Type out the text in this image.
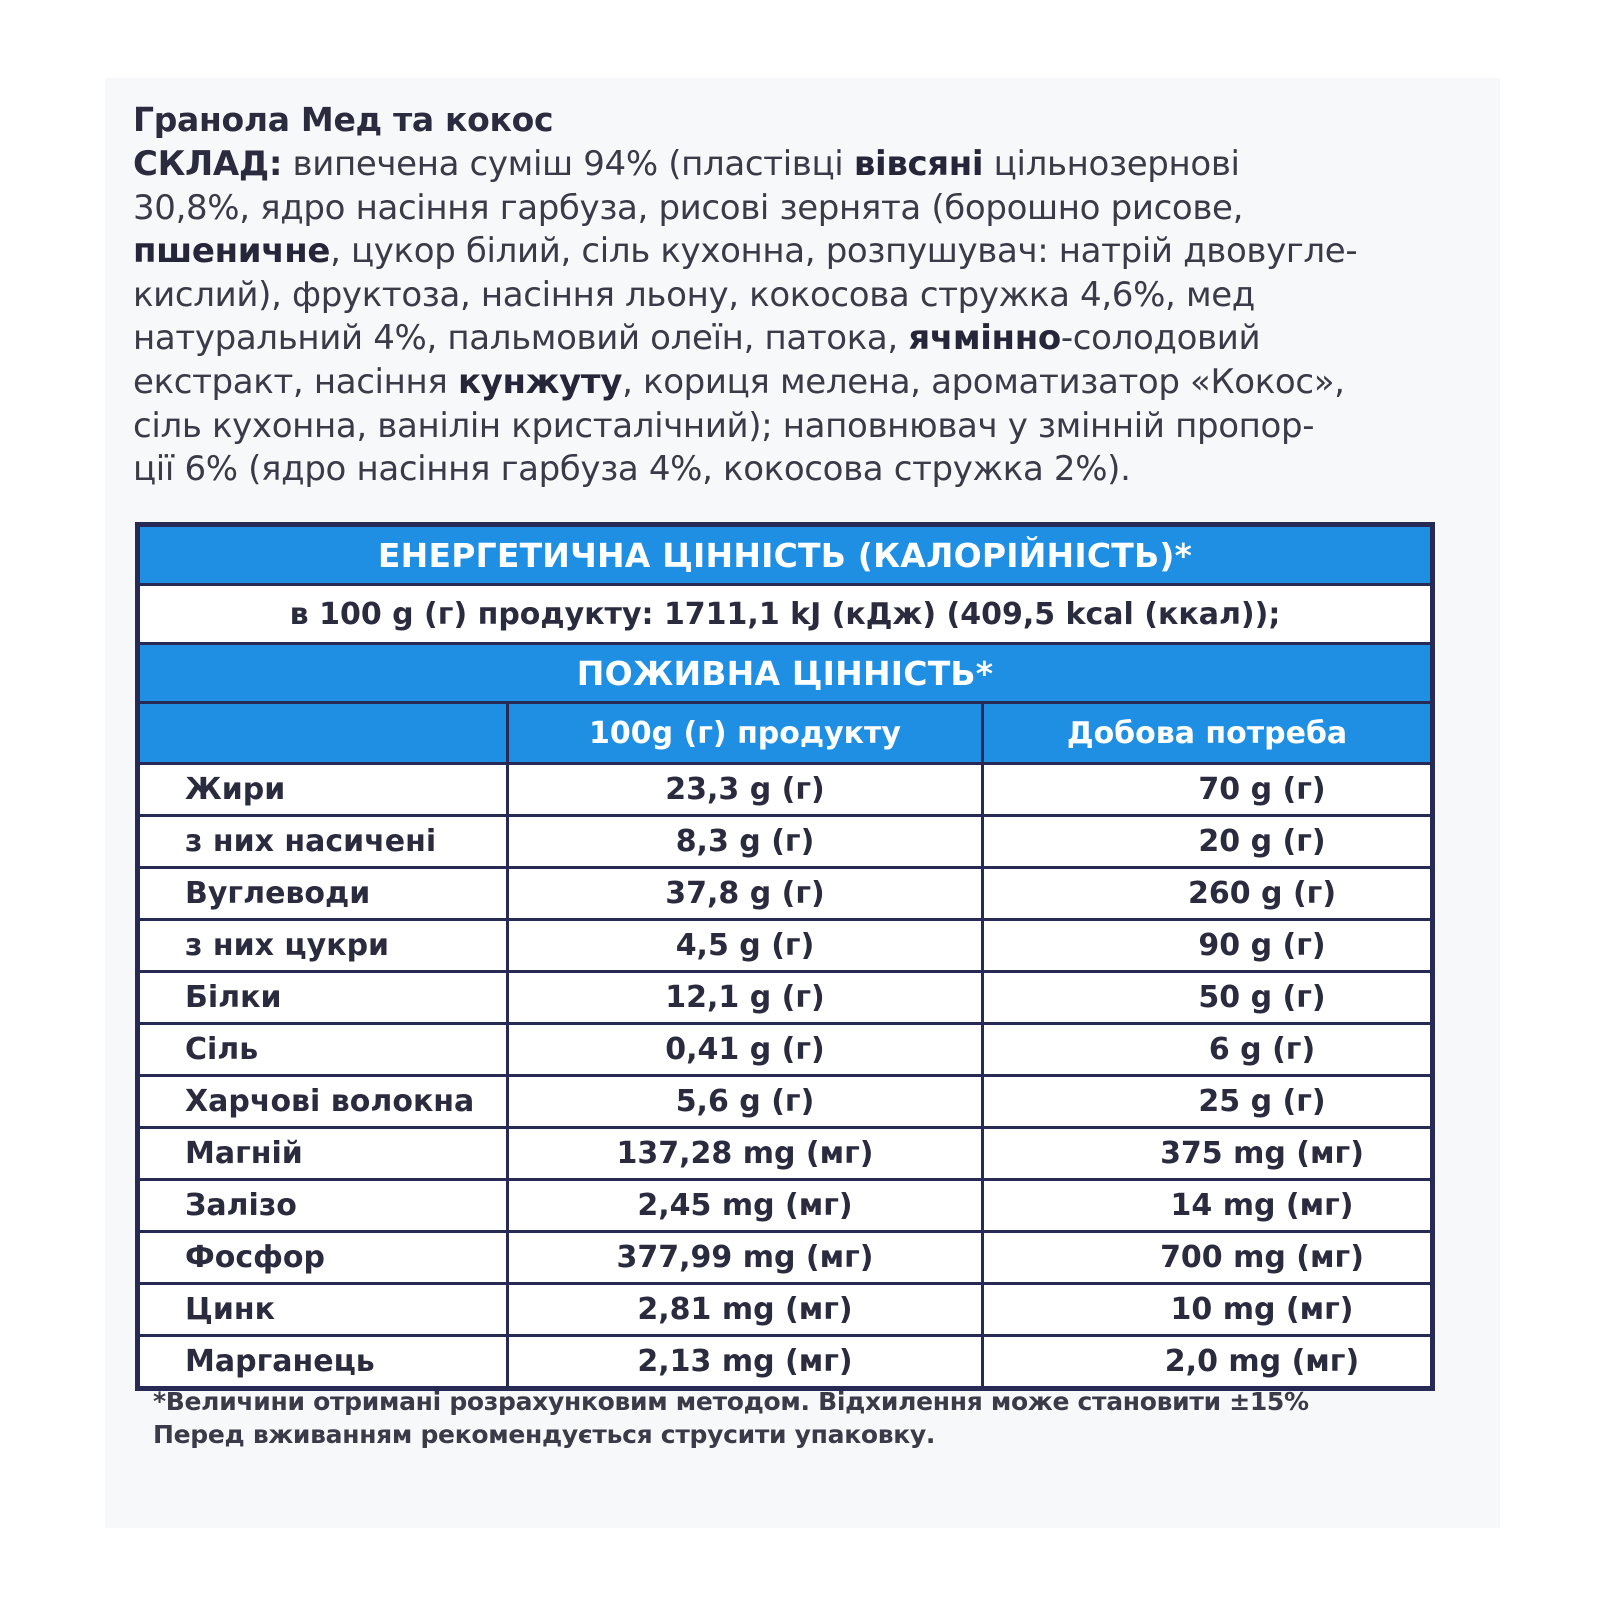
Гранола Мед та кокос
СКЛАД: випечена суміш 94% (пластівці вівсяні цільнозернові
30,8%, ядро насіння гарбуза, рисові зернята (борошно рисове,
пшеничне, цукор білий, сіль кухонна, розпушувач: натрій двовугле-
кислий), фруктоза, насіння льону, кокосова стружка 4,6%, мед
натуральний 4%, пальмовий олеїн, патока, ячмінно-солодовий
екстракт, насіння кунжуту, кориця мелена, ароматизатор «Кокос»,
сіль кухонна, ванілін кристалічний); наповнювач у змінній пропор-
ції 6% (ядро насіння гарбуза 4%, кокосова стружка 2%).
ЕНЕРГЕТИЧНА ЦІННІСТЬ (КАЛОРІЙНІСТЬ)*		
в 100 g (г) продукту: 1711,1 kJ (кДж) (409,5 kcal (ккал));		
ПОЖИВНА ЦІННІСТЬ*		
	100g (г) продукту	Добова потреба
Жири	23,3 g (г)	70 g (г)
з них насичені	8,3 g (г)	20 g (г)
Вуглеводи	37,8 g (г)	260 g (г)
з них цукри	4,5 g (г)	90 g (г)
Білки	12,1 g (г)	50 g (г)
Сіль	0,41 g (г)	6 g (г)
Харчові волокна	5,6 g (г)	25 g (г)
Магній	137,28 mg (мг)	375 mg (мг)
Залізо	2,45 mg (мг)	14 mg (мг)
Фосфор	377,99 mg (мг)	700 mg (мг)
Цинк	2,81 mg (мг)	10 mg (мг)
Марганець	2,13 mg (мг)	2,0 mg (мг)
*Величини отримані розрахунковим методом. Відхилення може становити ±15%
Перед вживанням рекомендується струсити упаковку.
